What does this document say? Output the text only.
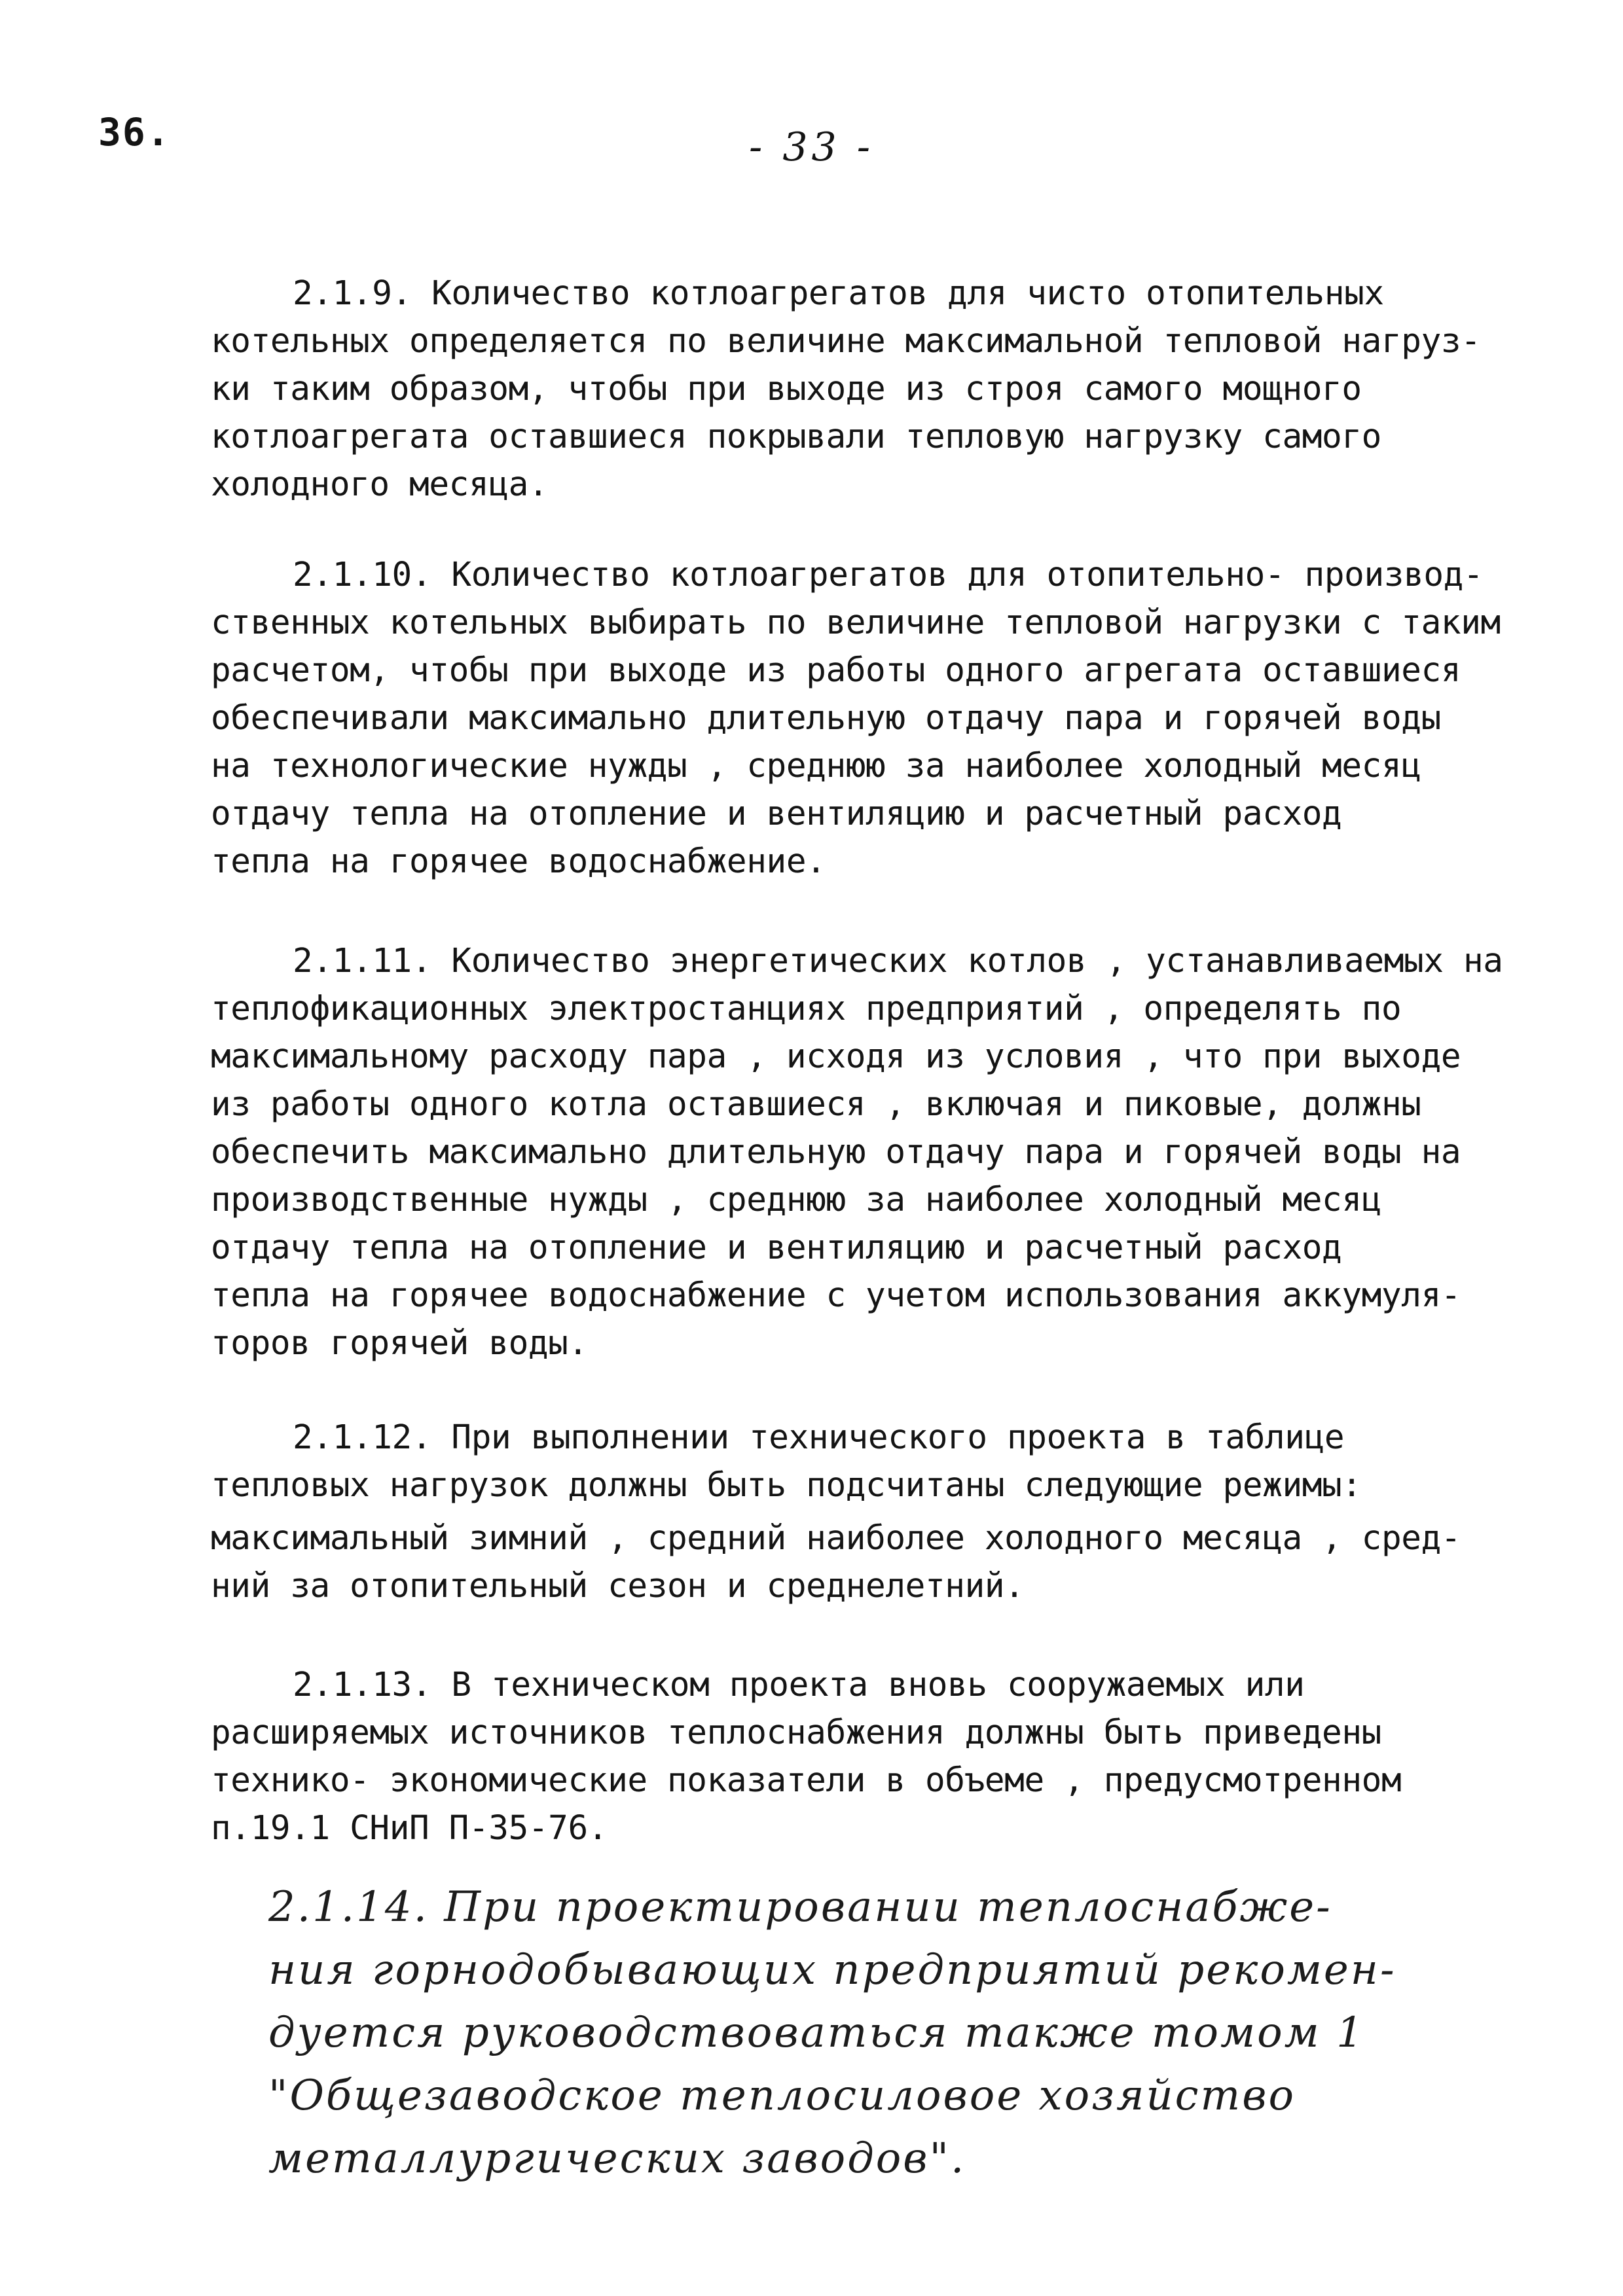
36.	- 33 -
2.1.9. Количество котлоагрегатов для чисто отопительных
котельных определяется по величине максимальной тепловой нагруз-
ки таким образом, чтобы при выходе из строя самого мощного
котлоагрегата оставшиеся покрывали тепловую нагрузку самого
холодного месяца.
2.1.10. Количество котлоагрегатов для отопительно- производ-
ственных котельных выбирать по величине тепловой нагрузки с таким
расчетом, чтобы при выходе из работы одного агрегата оставшиеся
обеспечивали максимально длительную отдачу пара и горячей воды
на технологические нужды , среднюю за наиболее холодный месяц
отдачу тепла на отопление и вентиляцию и расчетный расход
тепла на горячее водоснабжение.
2.1.11. Количество энергетических котлов , устанавливаемых на
теплофикационных электростанциях предприятий , определять по
максимальному расходу пара , исходя из условия , что при выходе
из работы одного котла оставшиеся , включая и пиковые, должны
обеспечить максимально длительную отдачу пара и горячей воды на
производственные нужды , среднюю за наиболее холодный месяц
отдачу тепла на отопление и вентиляцию и расчетный расход
тепла на горячее водоснабжение с учетом использования аккумуля-
торов горячей воды.
2.1.12. При выполнении технического проекта в таблице
тепловых нагрузок должны быть подсчитаны следующие режимы:
максимальный зимний , средний наиболее холодного месяца , сред-
ний за отопительный сезон и среднелетний.
2.1.13. В техническом проекта вновь сооружаемых или
расширяемых источников теплоснабжения должны быть приведены
технико- экономические показатели в объеме , предусмотренном
п.19.1 СНиП П-35-76.
2.1.14. При проектировании теплоснабже-
ния горнодобывающих предприятий рекомен-
дуется руководствоваться также томом 1
"Общезаводское теплосиловое хозяйство
металлургических заводов".
